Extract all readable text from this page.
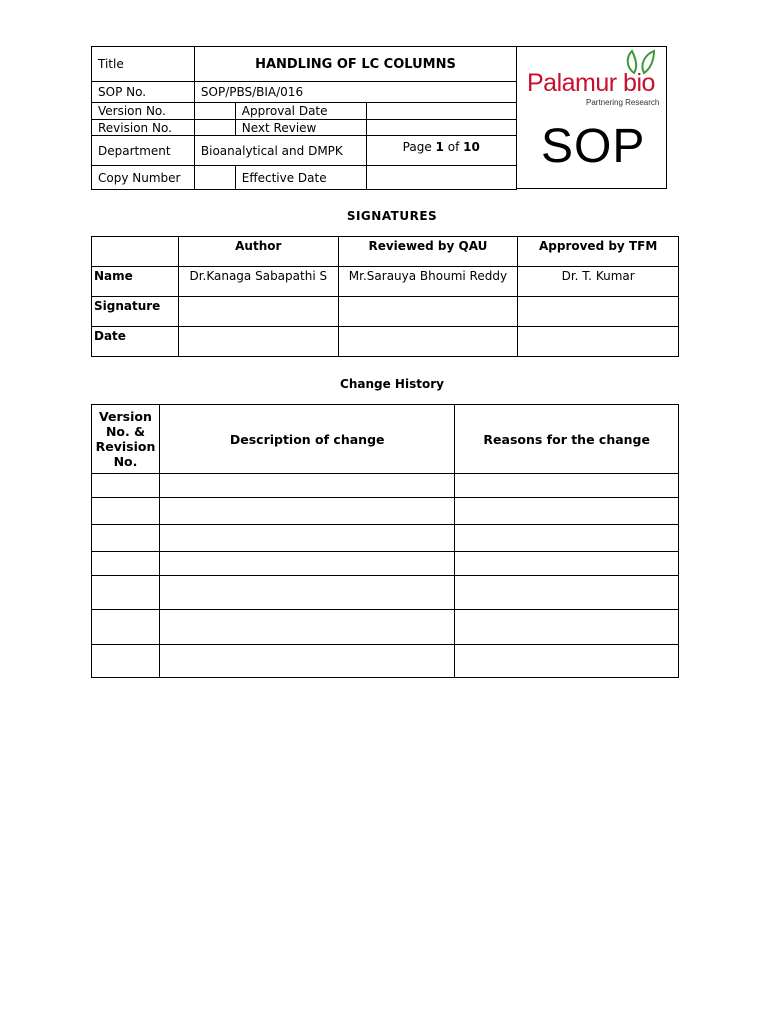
Title	HANDLING OF LC COLUMNS		
SOP No.	SOP/PBS/BIA/016		
Version No.		Approval Date	
Revision No.		Next Review	
Department	Bioanalytical and DMPK		Page 1 of 10
Copy Number		Effective Date	
Palamur bio
Partnering Research
SOP
SIGNATURES
	Author	Reviewed by QAU	Approved by TFM
Name	Dr.Kanaga Sabapathi S	Mr.Sarauya Bhoumi Reddy	Dr. T. Kumar
Signature			
Date			
Change History
Version No. & Revision No.	Description of change	Reasons for the change
